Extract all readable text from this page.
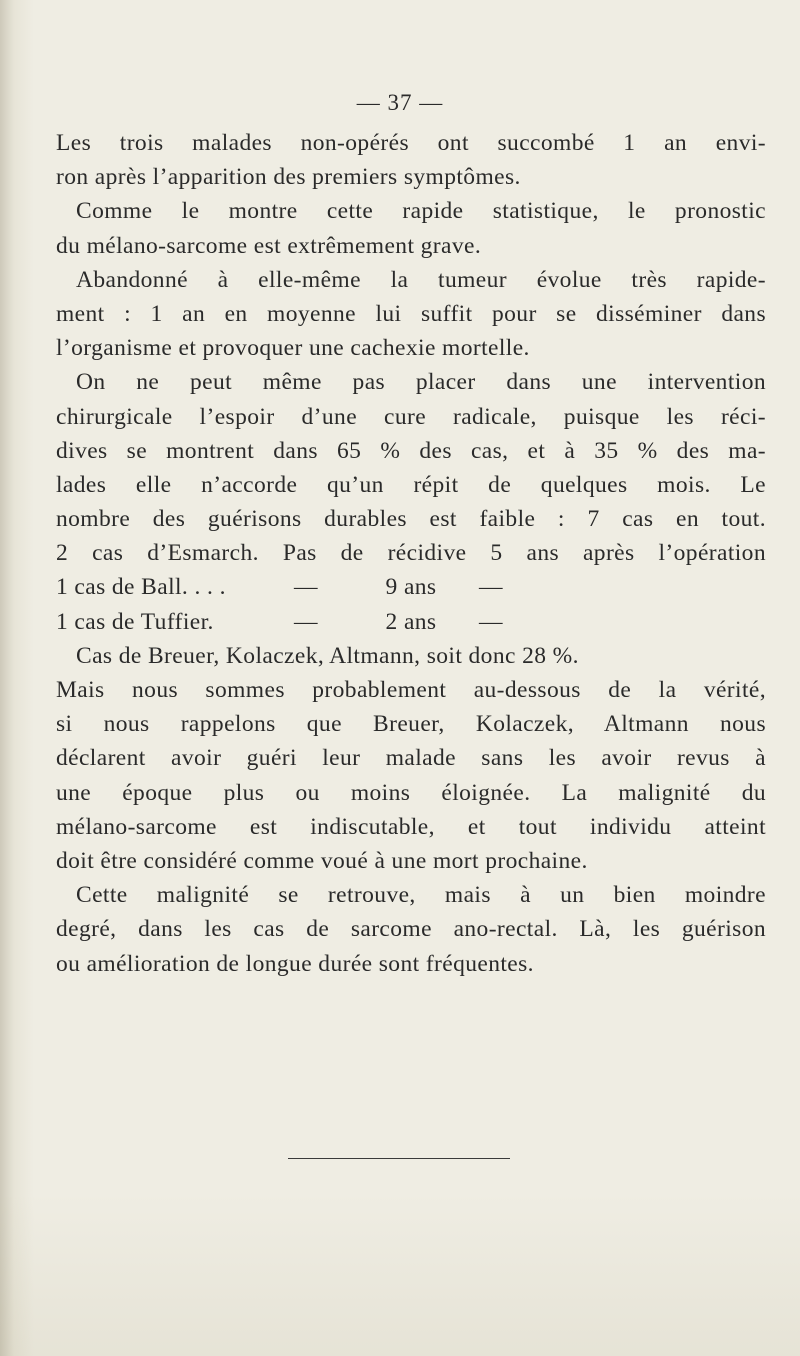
— 37 —
Les trois malades non-opérés ont succombé 1 an envi-
ron après l’apparition des premiers symptômes.
Comme le montre cette rapide statistique, le pronostic
du mélano-sarcome est extrêmement grave.
Abandonné à elle-même la tumeur évolue très rapide-
ment : 1 an en moyenne lui suffit pour se disséminer dans
l’organisme et provoquer une cachexie mortelle.
On ne peut même pas placer dans une intervention
chirurgicale l’espoir d’une cure radicale, puisque les réci-
dives se montrent dans 65 % des cas, et à 35 % des ma-
lades elle n’accorde qu’un répit de quelques mois. Le
nombre des guérisons durables est faible : 7 cas en tout.
2 cas d’Esmarch. Pas de récidive 5 ans après l’opération
1 cas de Ball. . . .	—	9 ans	—
1 cas de Tuffier.	—	2 ans	—
Cas de Breuer, Kolaczek, Altmann, soit donc 28 %.
Mais nous sommes probablement au-dessous de la vérité,
si nous rappelons que Breuer, Kolaczek, Altmann nous
déclarent avoir guéri leur malade sans les avoir revus à
une époque plus ou moins éloignée. La malignité du
mélano-sarcome est indiscutable, et tout individu atteint
doit être considéré comme voué à une mort prochaine.
Cette malignité se retrouve, mais à un bien moindre
degré, dans les cas de sarcome ano-rectal. Là, les guérison
ou amélioration de longue durée sont fréquentes.
